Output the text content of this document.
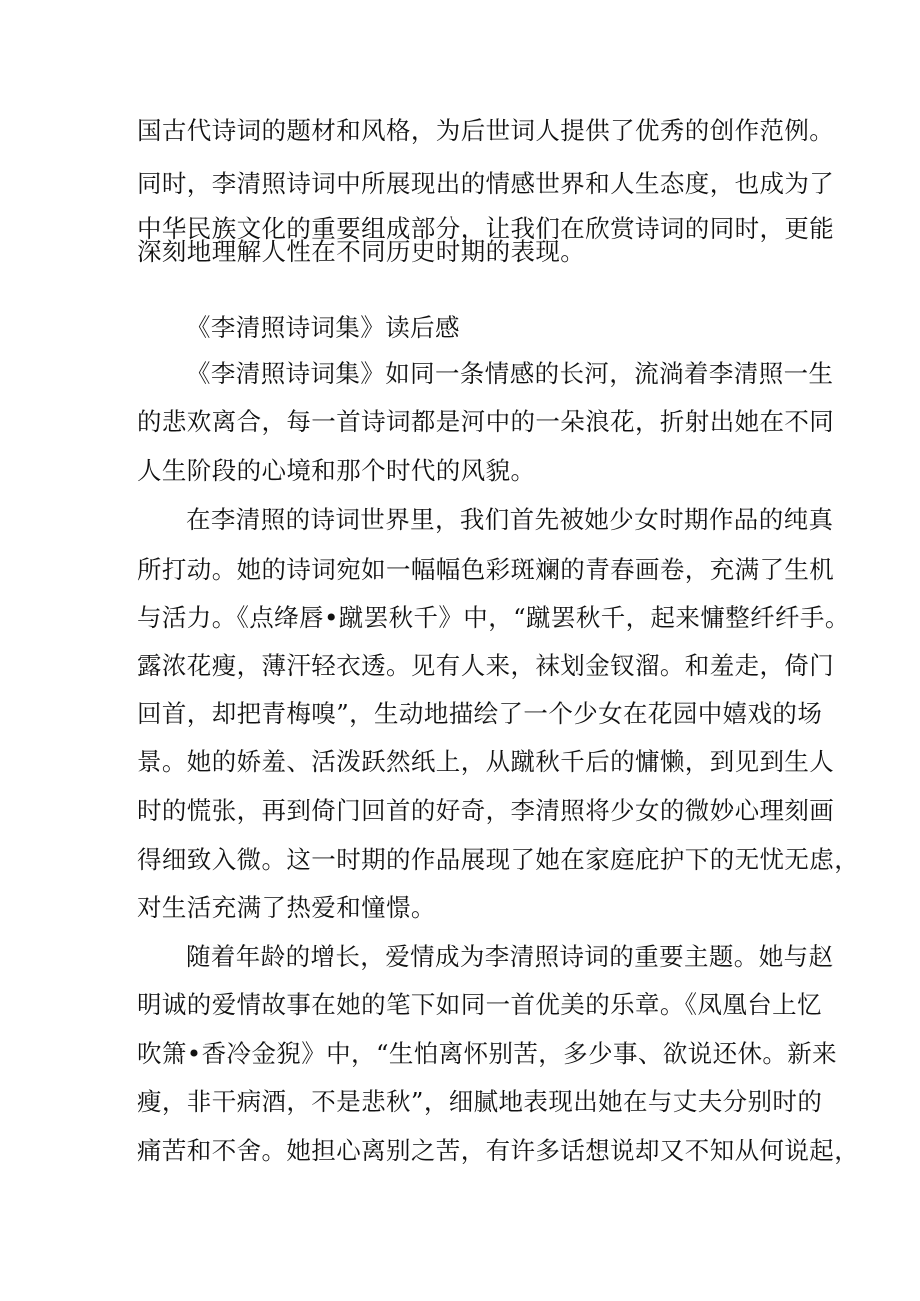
国古代诗词的题材和风格，为后世词人提供了优秀的创作范例。
同时，李清照诗词中所展现出的情感世界和人生态度，也成为了
中华民族文化的重要组成部分，让我们在欣赏诗词的同时，更能
深刻地理解人性在不同历史时期的表现。
《李清照诗词集》读后感
《李清照诗词集》如同一条情感的长河，流淌着李清照一生
的悲欢离合，每一首诗词都是河中的一朵浪花，折射出她在不同
人生阶段的心境和那个时代的风貌。
在李清照的诗词世界里，我们首先被她少女时期作品的纯真
所打动。她的诗词宛如一幅幅色彩斑斓的青春画卷，充满了生机
与活力。《点绛唇•蹴罢秋千》中，“蹴罢秋千，起来慵整纤纤手。
露浓花瘦，薄汗轻衣透。见有人来，袜划金钗溜。和羞走，倚门
回首，却把青梅嗅”，生动地描绘了一个少女在花园中嬉戏的场
景。她的娇羞、活泼跃然纸上，从蹴秋千后的慵懒，到见到生人
时的慌张，再到倚门回首的好奇，李清照将少女的微妙心理刻画
得细致入微。这一时期的作品展现了她在家庭庇护下的无忧无虑，
对生活充满了热爱和憧憬。
随着年龄的增长，爱情成为李清照诗词的重要主题。她与赵
明诚的爱情故事在她的笔下如同一首优美的乐章。《凤凰台上忆
吹箫•香冷金猊》中，“生怕离怀别苦，多少事、欲说还休。新来
瘦，非干病酒，不是悲秋”，细腻地表现出她在与丈夫分别时的
痛苦和不舍。她担心离别之苦，有许多话想说却又不知从何说起，
